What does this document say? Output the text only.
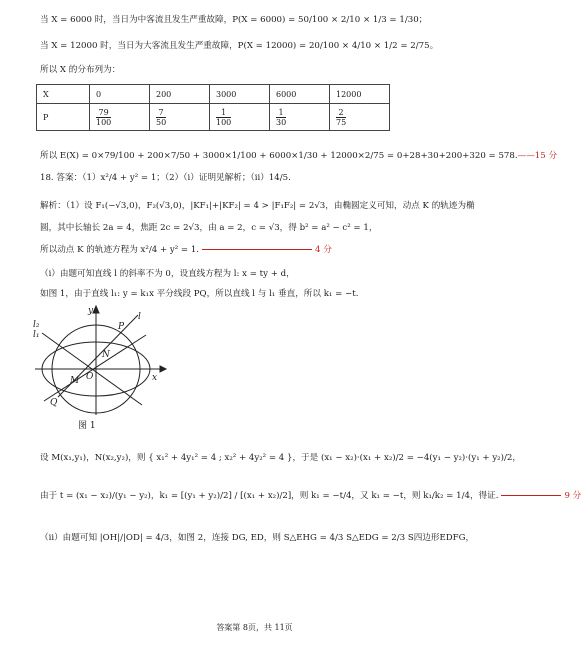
当 X = 6000 时，当日为中客流且发生严重故障，P(X = 6000) = 50/100 × 2/10 × 1/3 = 1/30；
当 X = 12000 时，当日为大客流且发生严重故障，P(X = 12000) = 20/100 × 4/10 × 1/2 = 2/75。
所以 X 的分布列为：
X	0	200	3000	6000	12000
P	$\frac{79}{100}$	$\frac{7}{50}$	$\frac{1}{100}$	$\frac{1}{30}$	$\frac{2}{75}$
所以 E(X) = 0×79/100 + 200×7/50 + 3000×1/100 + 6000×1/30 + 12000×2/75 = 0+28+30+200+320 = 578.——15 分
18. 答案：（1）x²/4 + y² = 1；（2）（i）证明见解析；（ii）14/5.
解析：（1）设 F₁(−√3,0)，F₂(√3,0)，|KF₁|+|KF₂| = 4 > |F₁F₂| = 2√3，由椭圆定义可知，动点 K 的轨迹为椭
圆，其中长轴长 2a = 4，焦距 2c = 2√3，由 a = 2，c = √3，得 b² = a² − c² = 1，
所以动点 K 的轨迹方程为 x²/4 + y² = 1.	4 分
（i）由题可知直线 l 的斜率不为 0，设直线方程为 l: x = ty + d，
如图 1，由于直线 l₁: y = k₁x 平分线段 PQ，所以直线 l 与 l₁ 垂直，所以 k₁ = −t.
y
x
O
P
l
N
M
Q
l₁
l₂
图 1
设 M(x₁,y₁)，N(x₂,y₂)，则 { x₁² + 4y₁² = 4 ; x₂² + 4y₂² = 4 }，于是 (x₁ − x₂)·(x₁ + x₂)/2 = −4(y₁ − y₂)·(y₁ + y₂)/2，
由于 t = (x₁ − x₂)/(y₁ − y₂)，k₁ = [(y₁ + y₂)/2] / [(x₁ + x₂)/2]，则 k₁ = −t/4，又 k₁ = −t，则 k₁/k₂ = 1/4，得证.	9 分
（ii）由题可知 |OH|/|OD| = 4/3，如图 2，连接 DG, ED，则 S△EHG = 4/3 S△EDG = 2/3 S四边形EDFG，
答案第 8页，共 11页
